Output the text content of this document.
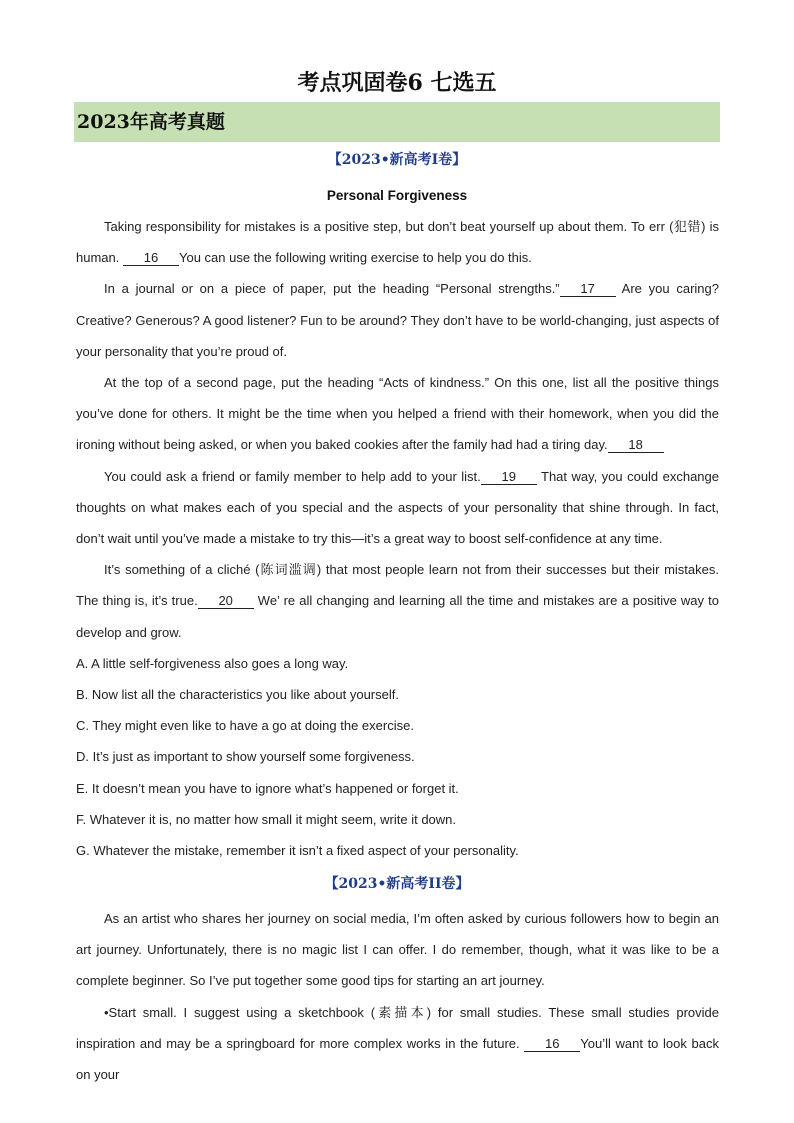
考点巩固卷6 七选五
2023年高考真题
【2023•新高考I卷】
Personal Forgiveness

Taking responsibility for mistakes is a positive step, but don’t beat yourself up about them. To err (犯错) is human. 16 You can use the following writing exercise to help you do this.

In a journal or on a piece of paper, put the heading “Personal strengths.” 17 Are you caring? Creative? Generous? A good listener? Fun to be around? They don’t have to be world-changing, just aspects of your personality that you’re proud of.

At the top of a second page, put the heading “Acts of kindness.” On this one, list all the positive things you’ve done for others. It might be the time when you helped a friend with their homework, when you did the ironing without being asked, or when you baked cookies after the family had had a tiring day. 18

You could ask a friend or family member to help add to your list. 19 That way, you could exchange thoughts on what makes each of you special and the aspects of your personality that shine through. In fact, don’t wait until you’ve made a mistake to try this—it’s a great way to boost self-confidence at any time.

It’s something of a cliché (陈词滥调) that most people learn not from their successes but their mistakes. The thing is, it’s true. 20 We’ re all changing and learning all the time and mistakes are a positive way to develop and grow.

A. A little self-forgiveness also goes a long way.

B. Now list all the characteristics you like about yourself.

C. They might even like to have a go at doing the exercise.

D. It’s just as important to show yourself some forgiveness.

E. It doesn’t mean you have to ignore what’s happened or forget it.

F. Whatever it is, no matter how small it might seem, write it down.

G. Whatever the mistake, remember it isn’t a fixed aspect of your personality.

【2023•新高考II卷】

As an artist who shares her journey on social media, I’m often asked by curious followers how to begin an art journey. Unfortunately, there is no magic list I can offer. I do remember, though, what it was like to be a complete beginner. So I’ve put together some good tips for starting an art journey.

•Start small. I suggest using a sketchbook (素描本) for small studies. These small studies provide inspiration and may be a springboard for more complex works in the future. 16 You’ll want to look back on your
